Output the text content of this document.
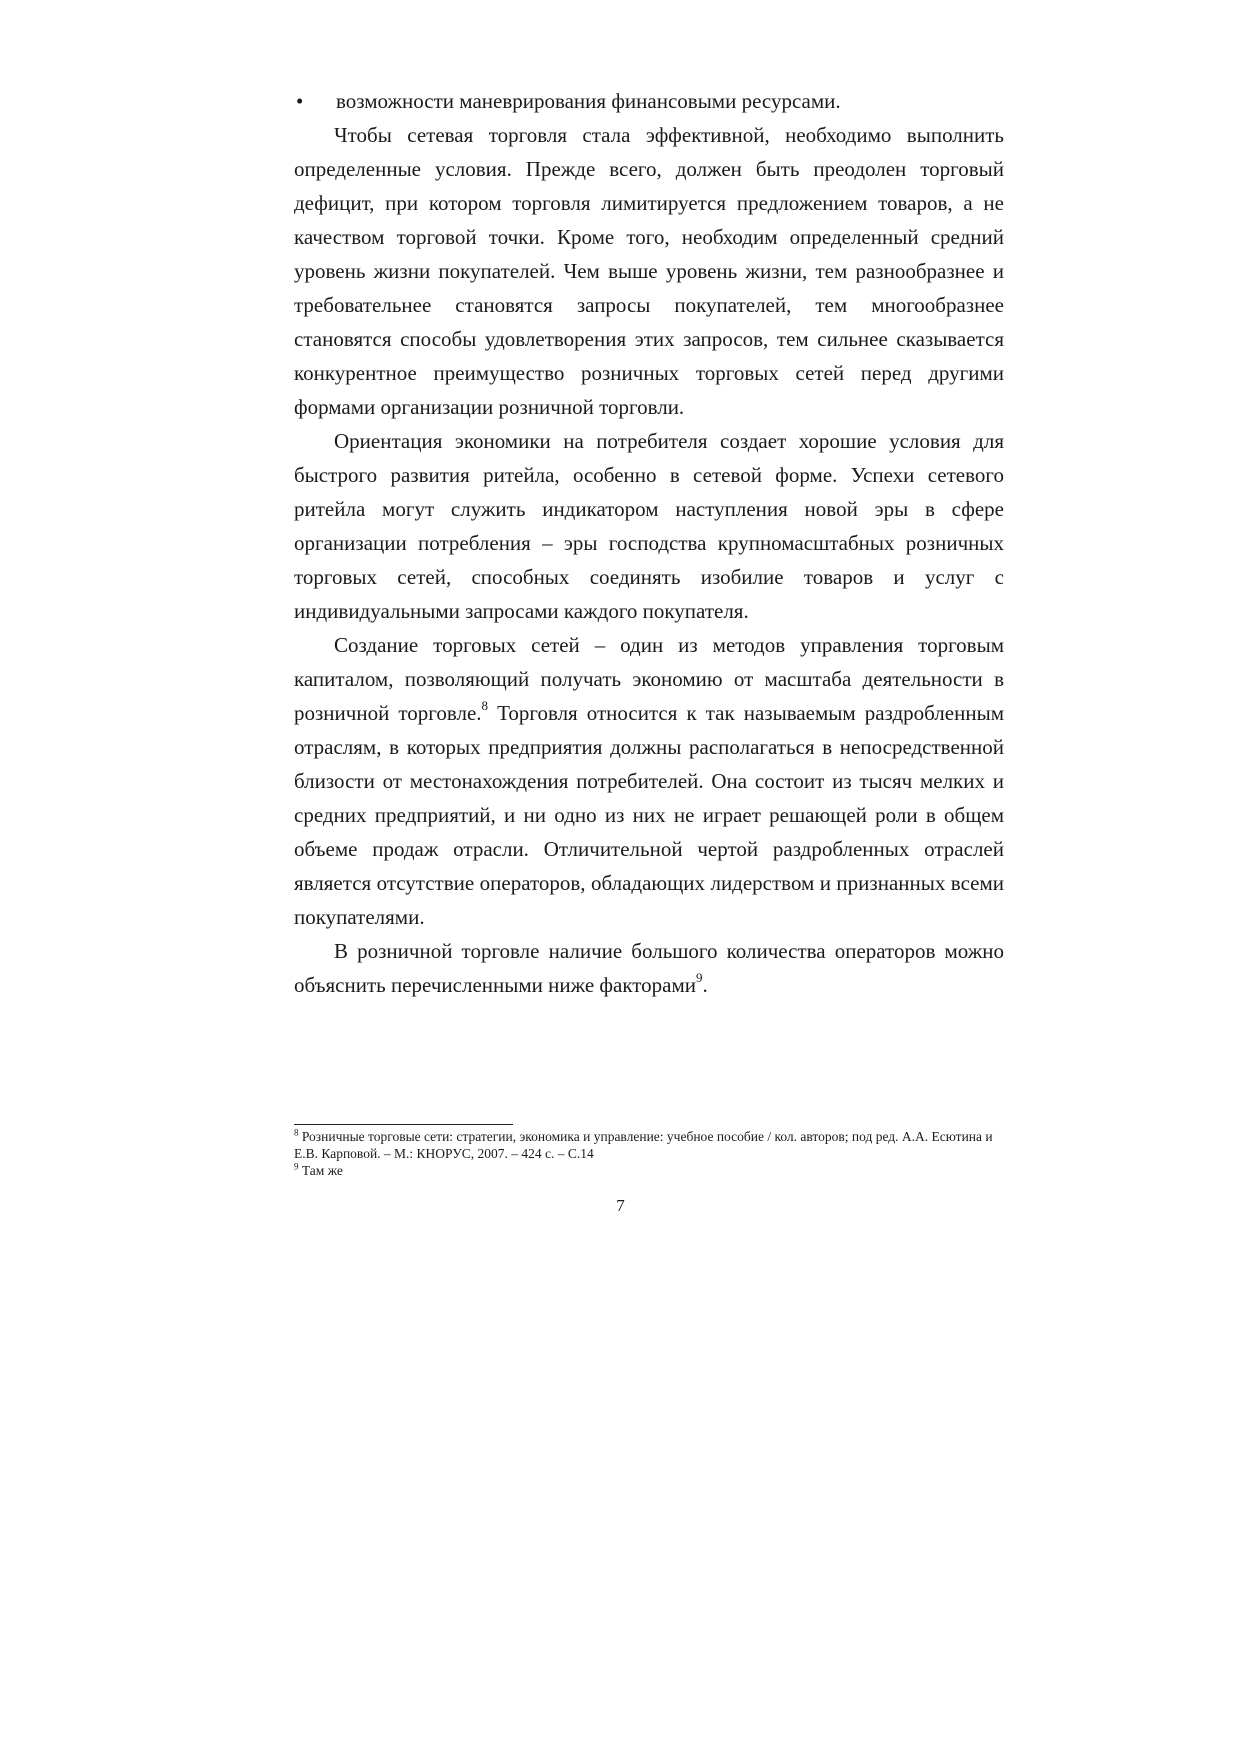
• возможности маневрирования финансовыми ресурсами.

Чтобы сетевая торговля стала эффективной, необходимо выполнить определенные условия. Прежде всего, должен быть преодолен торговый дефицит, при котором торговля лимитируется предложением товаров, а не качеством торговой точки. Кроме того, необходим определенный средний уровень жизни покупателей. Чем выше уровень жизни, тем разнообразнее и требовательнее становятся запросы покупателей, тем многообразнее становятся способы удовлетворения этих запросов, тем сильнее сказывается конкурентное преимущество розничных торговых сетей перед другими формами организации розничной торговли.

Ориентация экономики на потребителя создает хорошие условия для быстрого развития ритейла, особенно в сетевой форме. Успехи сетевого ритейла могут служить индикатором наступления новой эры в сфере организации потребления – эры господства крупномасштабных розничных торговых сетей, способных соединять изобилие товаров и услуг с индивидуальными запросами каждого покупателя.

Создание торговых сетей – один из методов управления торговым капиталом, позволяющий получать экономию от масштаба деятельности в розничной торговле.$^8$ Торговля относится к так называемым раздробленным отраслям, в которых предприятия должны располагаться в непосредственной близости от местонахождения потребителей. Она состоит из тысяч мелких и средних предприятий, и ни одно из них не играет решающей роли в общем объеме продаж отрасли. Отличительной чертой раздробленных отраслей является отсутствие операторов, обладающих лидерством и признанных всеми покупателями.

В розничной торговле наличие большого количества операторов можно объяснить перечисленными ниже факторами$^9$.

$^8$ Розничные торговые сети: стратегии, экономика и управление: учебное пособие / кол. авторов; под ред. А.А. Есютина и Е.В. Карповой. – М.: КНОРУС, 2007. – 424 с. – С.14

$^9$ Там же

7
